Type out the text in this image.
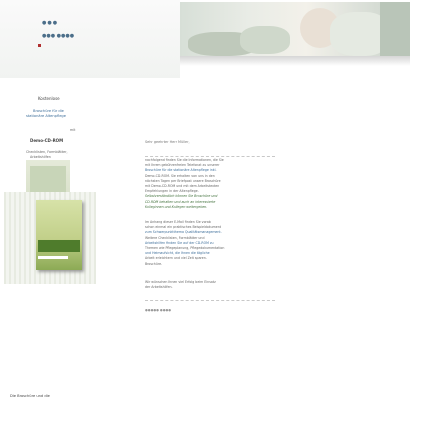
●●●
●●● ●●●●
Kostenlose
Broschüre für die
stationäre Altenpflege
mit
Demo-CD-ROM
Checklisten, Formblätter,
Arbeitshilfen
Die Broschüre und die
Sehr geehrter Herr Müller,
nachfolgend finden Sie die Informationen, die Sie
mit Ihrem gebührenfreien Telefonat zu unserer
Broschüre für die stationäre Altenpflege inkl.
Demo-CD-ROM. Sie erhalten von uns in den
nächsten Tagen per Briefpost unsere Broschüre
mit Demo-CD-ROM und mit dem Arbeitstexten
Empfehlungen in der Altenpflege.
Selbstverständlich können Sie Broschüre und
CD-ROM behalten und auch an interessierte
Kolleginnen und Kollegen weitergeben.
Im Anhang dieser E-Mail finden Sie vorab
schon einmal ein praktisches Beispieldokument
zum Schwerpunktthema Qualitätsmanagement.
Weitere Checklisten, Formblätter und
Arbeitshilfen finden Sie auf der CD-ROM zu
Themen wie Pflegeplanung, Pflegedokumentation
und Heimaufsicht, die Ihnen die tägliche
Arbeit erleichtern und viel Zeit sparen.
Broschüre.
Wir wünschen Ihnen viel Erfolg beim Einsatz
der Arbeitshilfen.
●●●●● ●●●●
